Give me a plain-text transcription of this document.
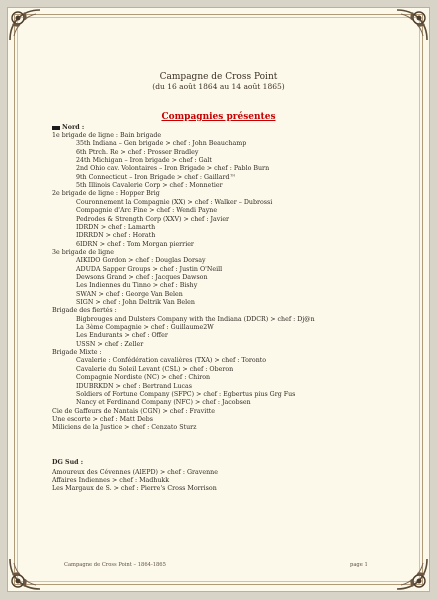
Campagne de Cross Point
(du 16 août 1864 au 14 août 1865)
Compagnies présentes
Nord :
1e brigade de ligne : Bain brigade
35th Indiana – Gen brigade > chef : John Beauchamp
6th Ptrch. Re > chef : Prosser Bradley
24th Michigan – Iron brigade > chef : Galt
2nd Ohio cav. Volontaires – Iron Brigade > chef : Pablo Burn
9th Connecticut – Iron Brigade > chef : Gaillard™
5th Illinois Cavalerie Corp > chef : Monnetier
2e brigade de ligne : Hopper Brig
Couronnement la Compagnie (XX) > chef : Walker – Dubrossi
Compagnie d'Arc Fine > chef : Wendi Payne
Pedrodes & Strength Corp (XXV) > chef : Javier
IDRDN > chef : Lamarth
IDRRDN > chef : Horath
6IDRN > chef : Tom Morgan pierrier
3e brigade de ligne
AIKIDO Gordon > chef : Douglas Dorsay
ADUDA Sapper Groups > chef : Justin O'Neill
Dewsons Grand > chef : Jacques Dawson
Les Indiennes du Tinno > chef : Bishy
SWAN > chef : George Van Belen
SIGN > chef : John Deltrik Van Belen
Brigade des fiertés :
Bigbrouges and Dulsters Company with the Indiana (DDCR) > chef : Dj@n
La 3ème Compagnie > chef : Guillaume2W
Les Endurants > chef : Offer
USSN > chef : Zeller
Brigade Mixte :
Cavalerie : Confédération cavalières (TXA) > chef : Toronto
Cavalerie du Soleil Levant (CSL) > chef : Oberon
Compagnie Nordiste (NC) > chef : Chiron
IDUBRKDN > chef : Bertrand Lucas
Soldiers of Fortune Company (SFPC) > chef : Egbertus pius Grg Fus
Nancy et Ferdinand Company (NFC) > chef : Jacobsen
Cie de Gaffeurs de Nantais (CGN) > chef : Fravitte
Une escorte > chef : Matt Debs
Miliciens de la Justice > chef : Cenzato Sturz
DG Sud :
Amoureux des Cévennes (AlEPD) > chef : Gravenne
Affaires Indiennes > chef : Madhukk
Les Margaux de S. > chef : Pierre's Cross Morrison
Campagne de Cross Point – 1864-1865	page 1
